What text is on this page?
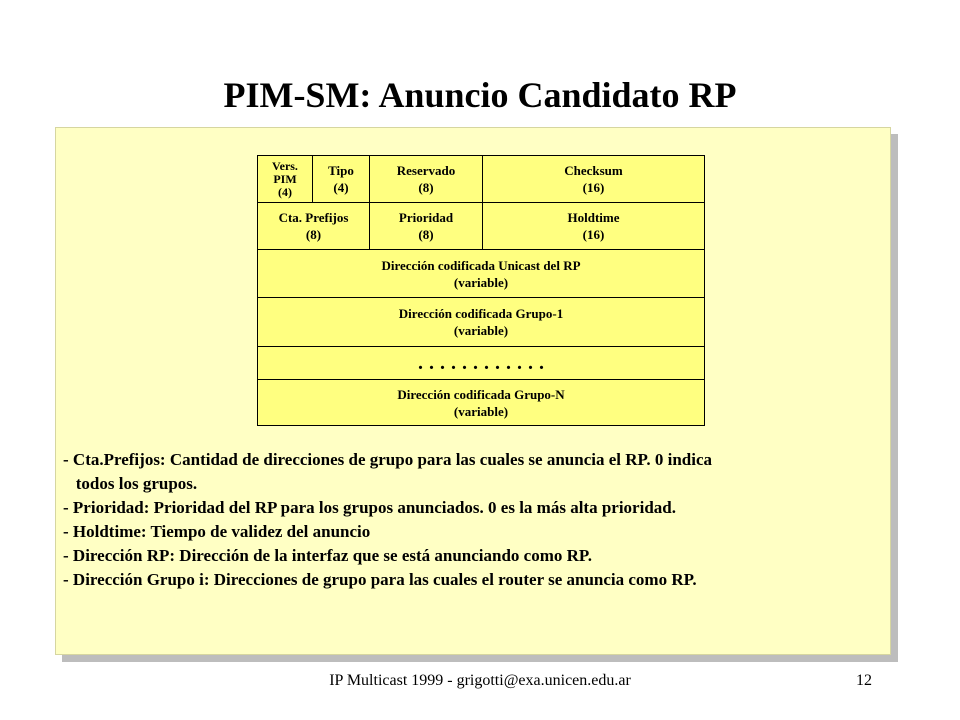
PIM-SM: Anuncio Candidato RP
Vers.
PIM
(4)
Tipo
(4)
Reservado
(8)
Checksum
(16)
Cta. Prefijos
(8)
Prioridad
(8)
Holdtime
(16)
Dirección codificada Unicast del RP
(variable)
Dirección codificada Grupo-1
(variable)
............
Dirección codificada Grupo-N
(variable)
- Cta.Prefijos: Cantidad de direcciones de grupo para las cuales se anuncia el RP. 0 indica
todos los grupos.
- Prioridad: Prioridad del RP para los grupos anunciados. 0 es la más alta prioridad.
- Holdtime: Tiempo de validez del anuncio
- Dirección RP: Dirección de la interfaz que se está anunciando como RP.
- Dirección Grupo i: Direcciones de grupo para las cuales el router se anuncia como RP.
IP Multicast 1999 - grigotti@exa.unicen.edu.ar	12
